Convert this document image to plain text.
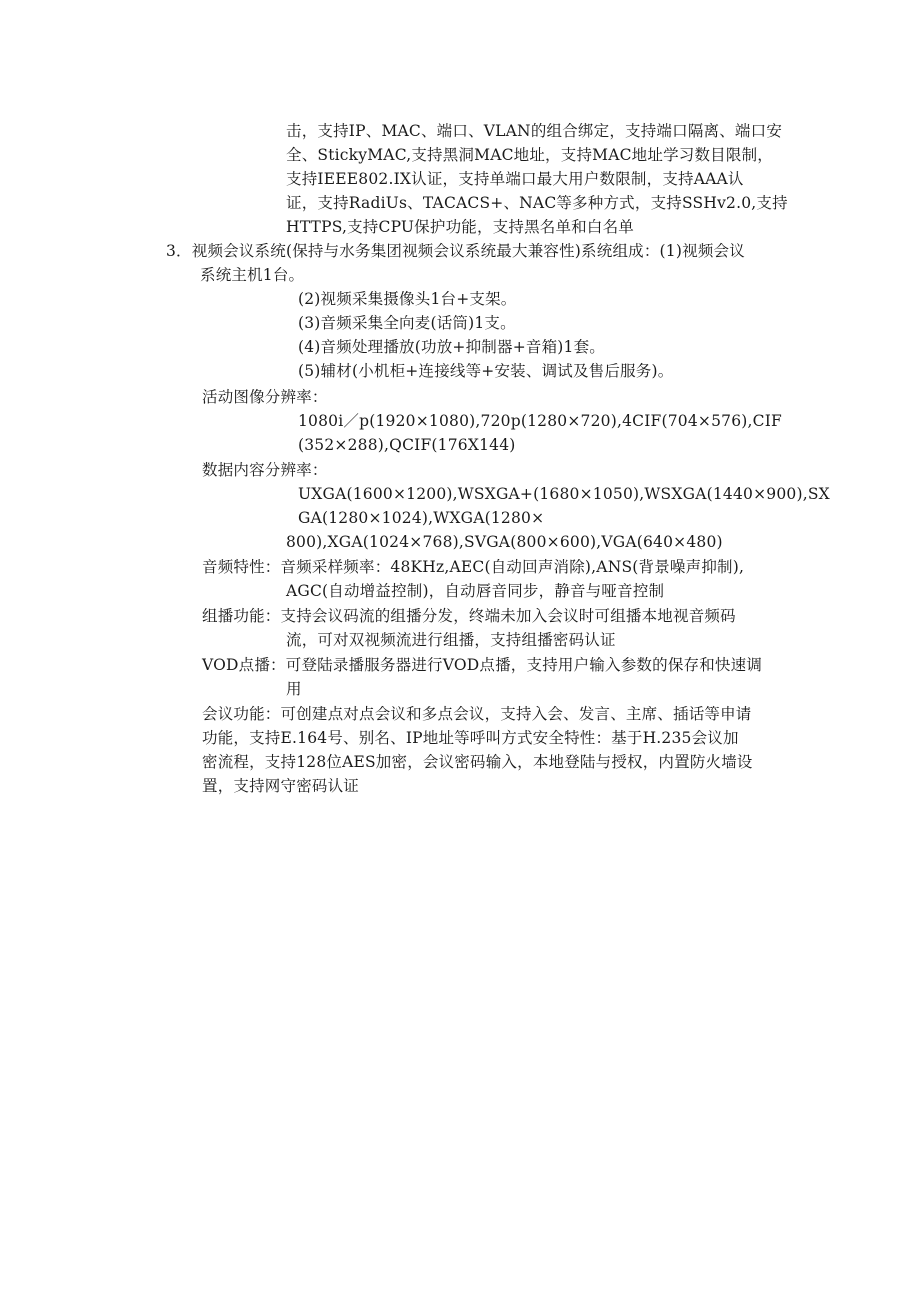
击，支持IP、MAC、端口、VLAN的组合绑定，支持端口隔离、端口安
全、StickyMAC,支持黑洞MAC地址，支持MAC地址学习数目限制，
支持IEEE802.IX认证，支持单端口最大用户数限制，支持AAA认
证，支持RadiUs、TACACS+、NAC等多种方式，支持SSHv2.0,支持
HTTPS,支持CPU保护功能，支持黑名单和白名单
3．视频会议系统(保持与水务集团视频会议系统最大兼容性)系统组成：(1)视频会议
系统主机1台。
(2)视频采集摄像头1台+支架。
(3)音频采集全向麦(话筒)1支。
(4)音频处理播放(功放+抑制器+音箱)1套。
(5)辅材(小机柜+连接线等+安装、调试及售后服务)。
活动图像分辨率：
1080i／p(1920×1080),720p(1280×720),4CIF(704×576),CIF
(352×288),QCIF(176X144)
数据内容分辨率：
UXGA(1600×1200),WSXGA+(1680×1050),WSXGA(1440×900),SX
GA(1280×1024),WXGA(1280×
800),XGA(1024×768),SVGA(800×600),VGA(640×480)
音频特性：音频采样频率：48KHz,AEC(自动回声消除),ANS(背景噪声抑制),
AGC(自动增益控制)，自动唇音同步，静音与哑音控制
组播功能：支持会议码流的组播分发，终端未加入会议时可组播本地视音频码
流，可对双视频流进行组播，支持组播密码认证
VOD点播：可登陆录播服务器进行VOD点播，支持用户输入参数的保存和快速调
用
会议功能：可创建点对点会议和多点会议，支持入会、发言、主席、插话等申请
功能，支持E.164号、别名、IP地址等呼叫方式安全特性：基于H.235会议加
密流程，支持128位AES加密，会议密码输入，本地登陆与授权，内置防火墙设
置，支持网守密码认证
